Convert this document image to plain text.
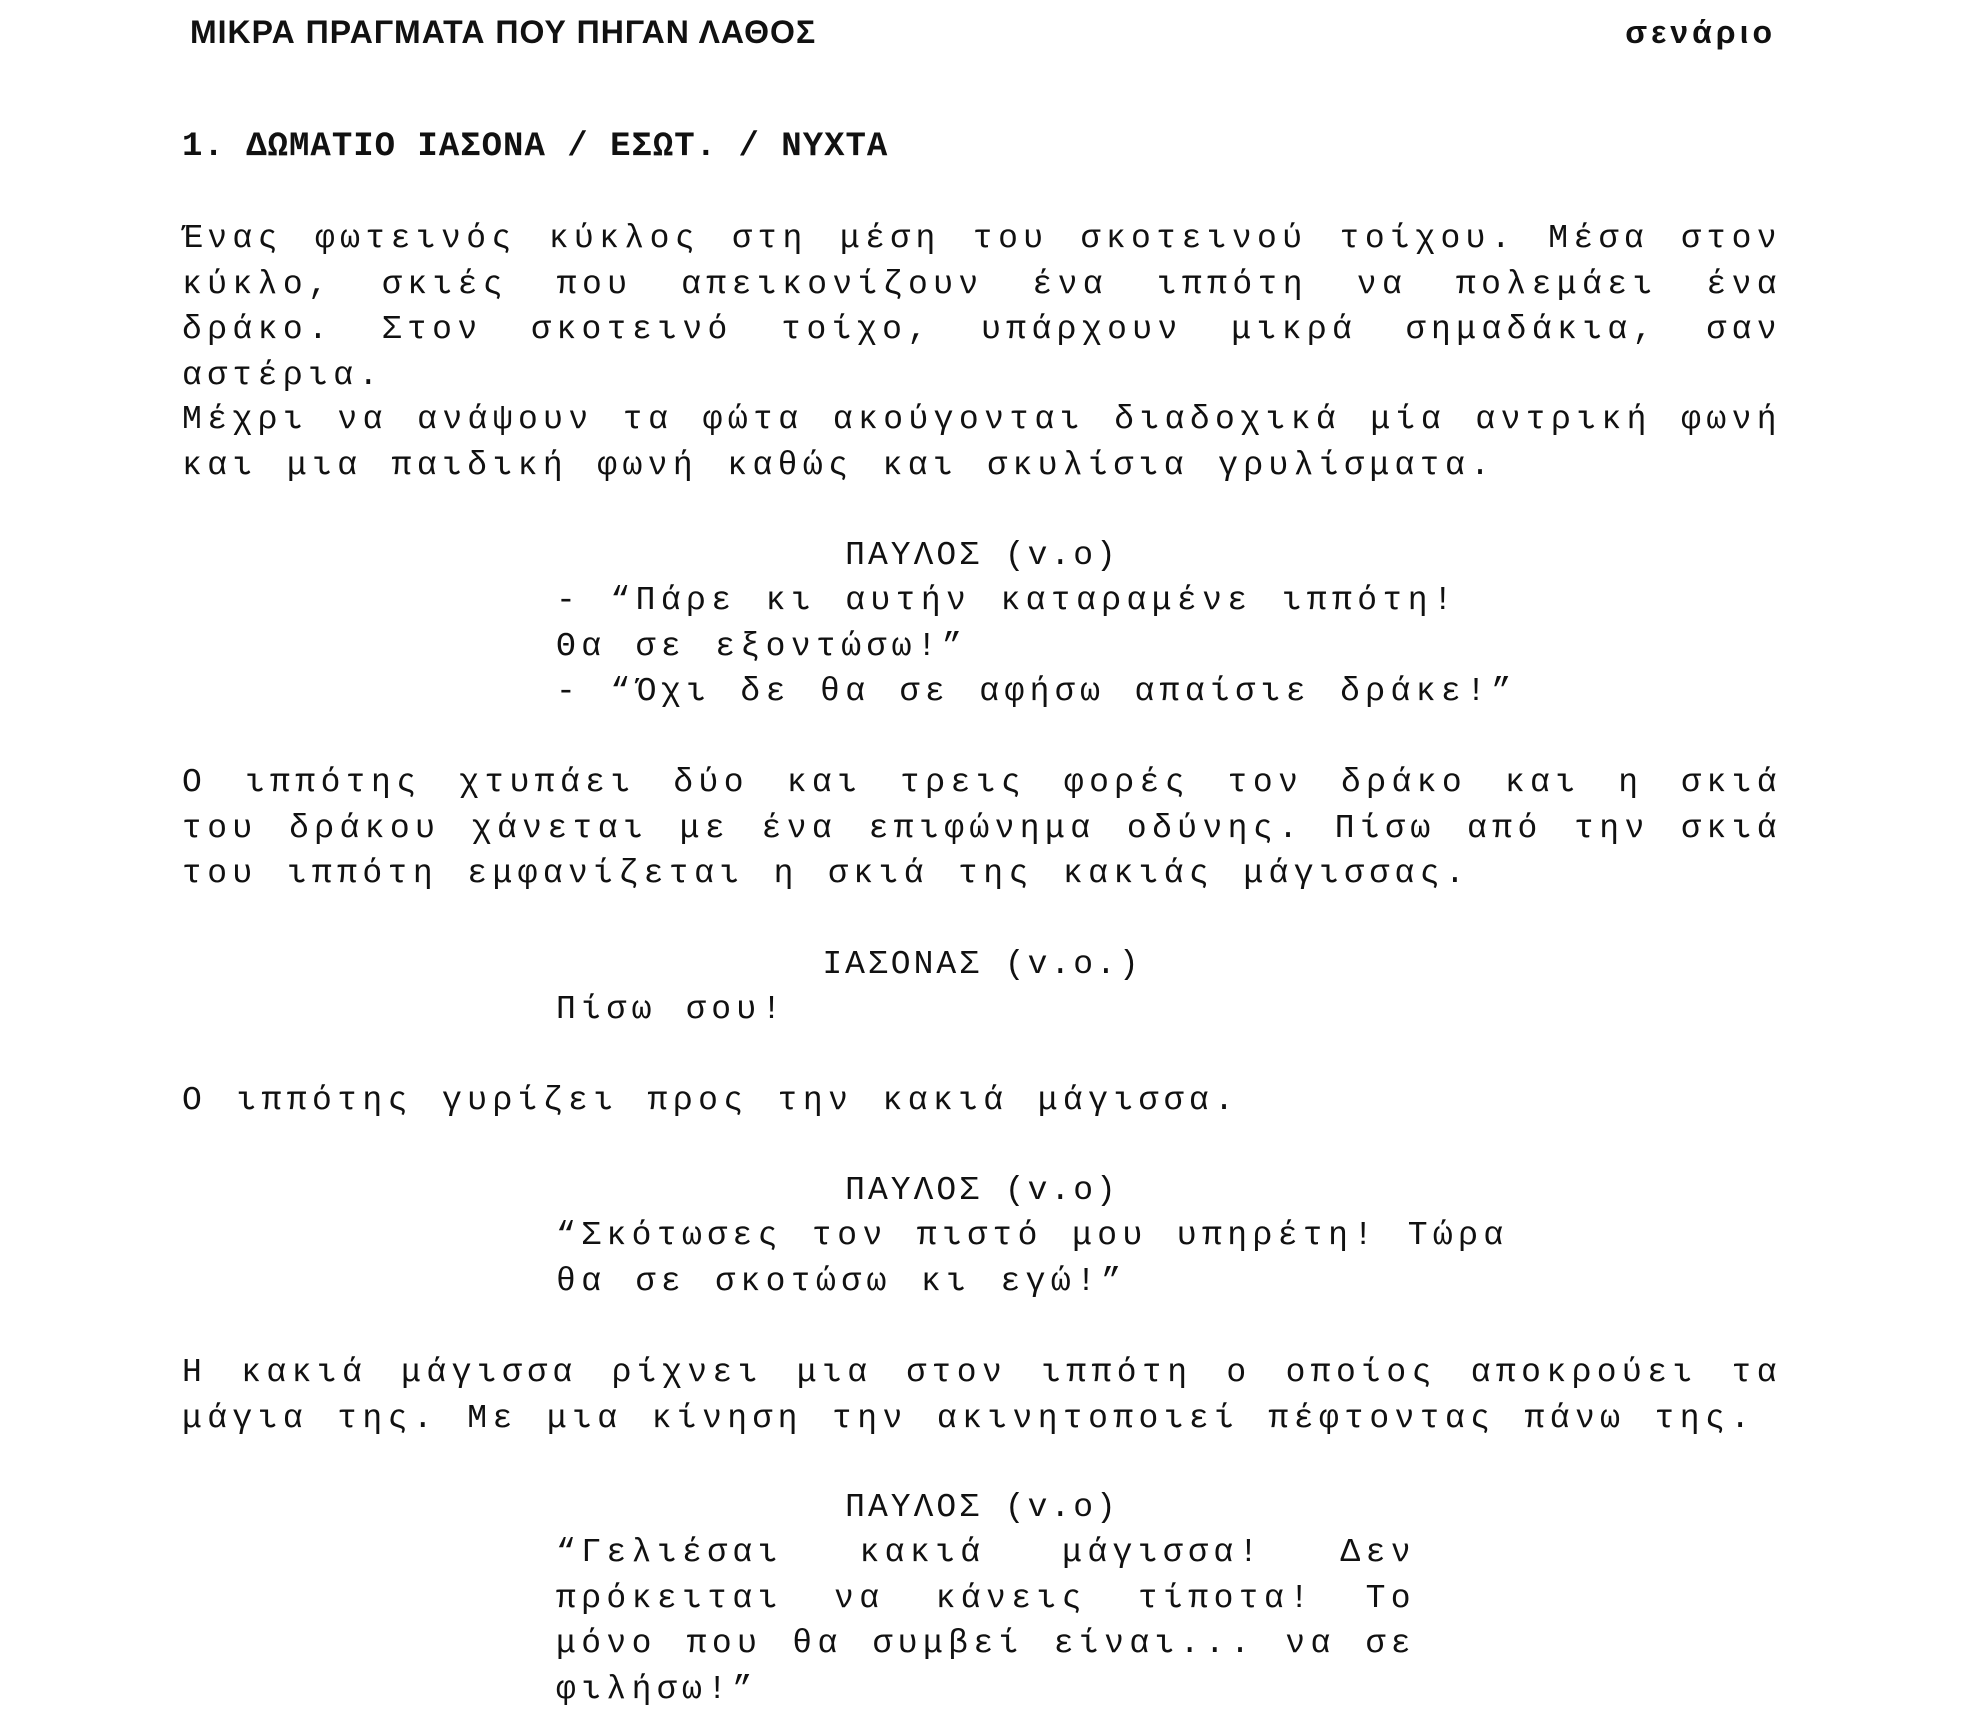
ΜΙΚΡΑ ΠΡΑΓΜΑΤΑ ΠΟΥ ΠΗΓΑΝ ΛΑΘΟΣ	σενάριο
1. ΔΩΜΑΤΙΟ ΙΑΣΟΝΑ / ΕΣΩΤ. / ΝΥΧΤΑ
Ένας φωτεινός κύκλος στη μέση του σκοτεινού τοίχου. Μέσα στον κύκλο, σκιές που απεικονίζουν ένα ιππότη να πολεμάει ένα δράκο. Στον σκοτεινό τοίχο, υπάρχουν μικρά σημαδάκια, σαν αστέρια.
Μέχρι να ανάψουν τα φώτα ακούγονται διαδοχικά μία αντρική φωνή και μια παιδική φωνή καθώς και σκυλίσια γρυλίσματα.
ΠΑΥΛΟΣ (v.o)
- “Πάρε κι αυτήν καταραμένε ιππότη!
Θα σε εξοντώσω!”
- “Όχι δε θα σε αφήσω απαίσιε δράκε!”
Ο ιππότης χτυπάει δύο και τρεις φορές τον δράκο και η σκιά του δράκου χάνεται με ένα επιφώνημα οδύνης. Πίσω από την σκιά του ιππότη εμφανίζεται η σκιά της κακιάς μάγισσας.
ΙΑΣΟΝΑΣ (v.o.)
Πίσω σου!
Ο ιππότης γυρίζει προς την κακιά μάγισσα.
ΠΑΥΛΟΣ (v.o)
“Σκότωσες τον πιστό μου υπηρέτη! Τώρα
θα σε σκοτώσω κι εγώ!”
Η κακιά μάγισσα ρίχνει μια στον ιππότη ο οποίος αποκρούει τα μάγια της. Με μια κίνηση την ακινητοποιεί πέφτοντας πάνω της.
ΠΑΥΛΟΣ (v.o)
“Γελιέσαι κακιά μάγισσα! Δεν πρόκειται να κάνεις τίποτα! Το μόνο που θα συμβεί είναι... να σε φιλήσω!”
